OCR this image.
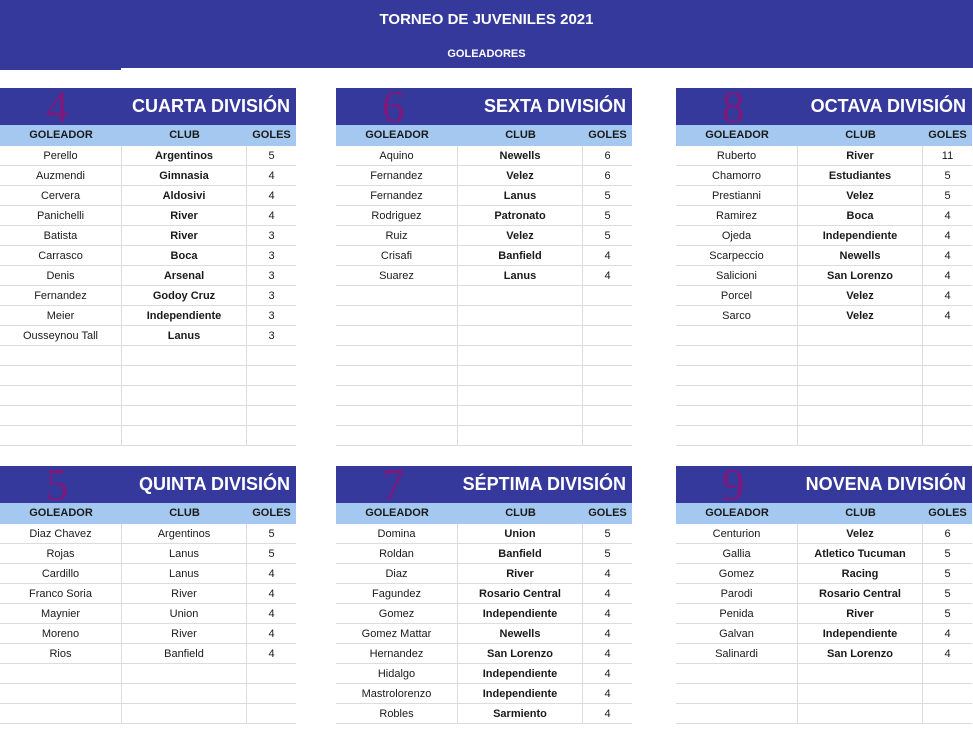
TORNEO DE JUVENILES 2021
GOLEADORES
4	CUARTA DIVISIÓN
GOLEADOR	CLUB	GOLES
Perello	Argentinos	5
Auzmendi	Gimnasia	4
Cervera	Aldosivi	4
Panichelli	River	4
Batista	River	3
Carrasco	Boca	3
Denis	Arsenal	3
Fernandez	Godoy Cruz	3
Meier	Independiente	3
Ousseynou Tall	Lanus	3
6	SEXTA DIVISIÓN
GOLEADOR	CLUB	GOLES
Aquino	Newells	6
Fernandez	Velez	6
Fernandez	Lanus	5
Rodriguez	Patronato	5
Ruiz	Velez	5
Crisafi	Banfield	4
Suarez	Lanus	4
8	OCTAVA DIVISIÓN
GOLEADOR	CLUB	GOLES
Ruberto	River	11
Chamorro	Estudiantes	5
Prestianni	Velez	5
Ramirez	Boca	4
Ojeda	Independiente	4
Scarpeccio	Newells	4
Salicioni	San Lorenzo	4
Porcel	Velez	4
Sarco	Velez	4
5	QUINTA DIVISIÓN
GOLEADOR	CLUB	GOLES
Diaz Chavez	Argentinos	5
Rojas	Lanus	5
Cardillo	Lanus	4
Franco Soria	River	4
Maynier	Union	4
Moreno	River	4
Rios	Banfield	4
7	SÉPTIMA DIVISIÓN
GOLEADOR	CLUB	GOLES
Domina	Union	5
Roldan	Banfield	5
Diaz	River	4
Fagundez	Rosario Central	4
Gomez	Independiente	4
Gomez Mattar	Newells	4
Hernandez	San Lorenzo	4
Hidalgo	Independiente	4
Mastrolorenzo	Independiente	4
Robles	Sarmiento	4
9	NOVENA DIVISIÓN
GOLEADOR	CLUB	GOLES
Centurion	Velez	6
Gallia	Atletico Tucuman	5
Gomez	Racing	5
Parodi	Rosario Central	5
Penida	River	5
Galvan	Independiente	4
Salinardi	San Lorenzo	4
